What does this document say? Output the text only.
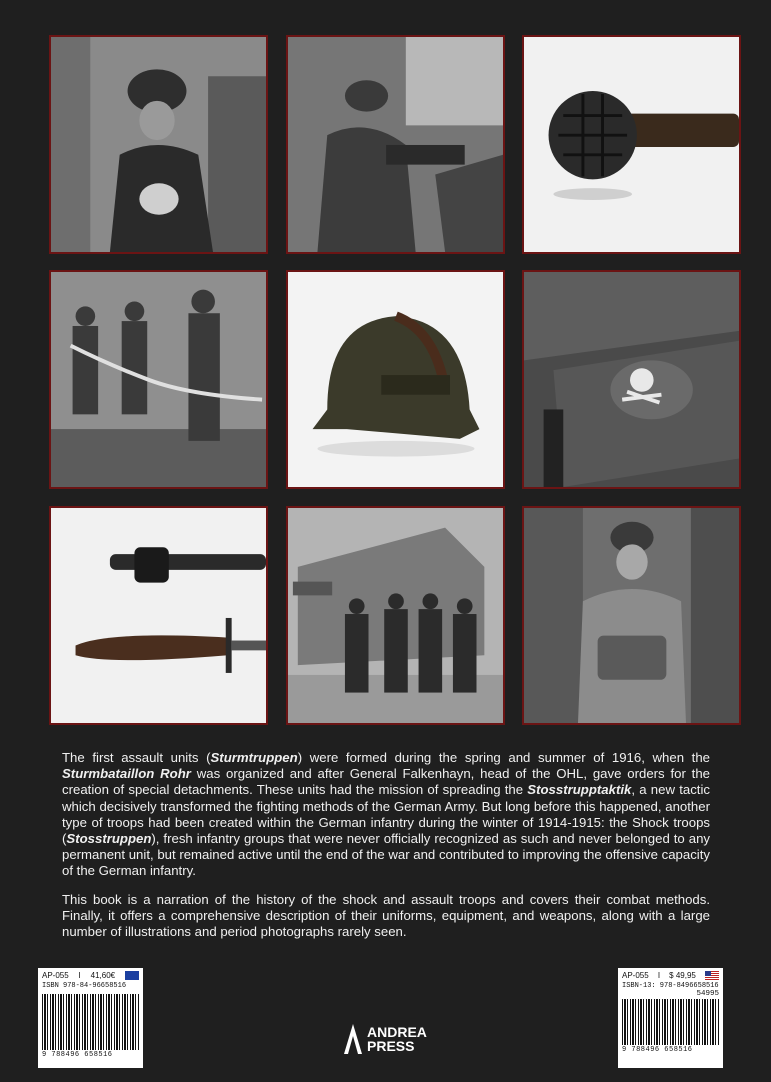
The first assault units (Sturmtruppen) were formed during the spring and summer of 1916, when the Sturmbataillon Rohr was organized and after General Falkenhayn, head of the OHL, gave orders for the creation of special detachments. These units had the mission of spreading the Stosstrupptaktik, a new tactic which decisively transformed the fighting methods of the German Army. But long before this happened, another type of troops had been created within the German infantry during the winter of 1914-1915: the Shock troops (Stosstruppen), fresh infantry groups that were never officially recognized as such and never belonged to any permanent unit, but remained active until the end of the war and contributed to improving the offensive capacity of the German infantry.

This book is a narration of the history of the shock and assault troops and covers their combat methods. Finally, it offers a comprehensive description of their uniforms, equipment, and weapons, along with a large number of illustrations and period photographs rarely seen.

AP-055 I 41,60€
ISBN 978-84-96658516
9 788496 658516
AP-055 I $ 49,95
ISBN-13: 978-8496658516
54995
9 788496 658516
ANDREA
PRESS
